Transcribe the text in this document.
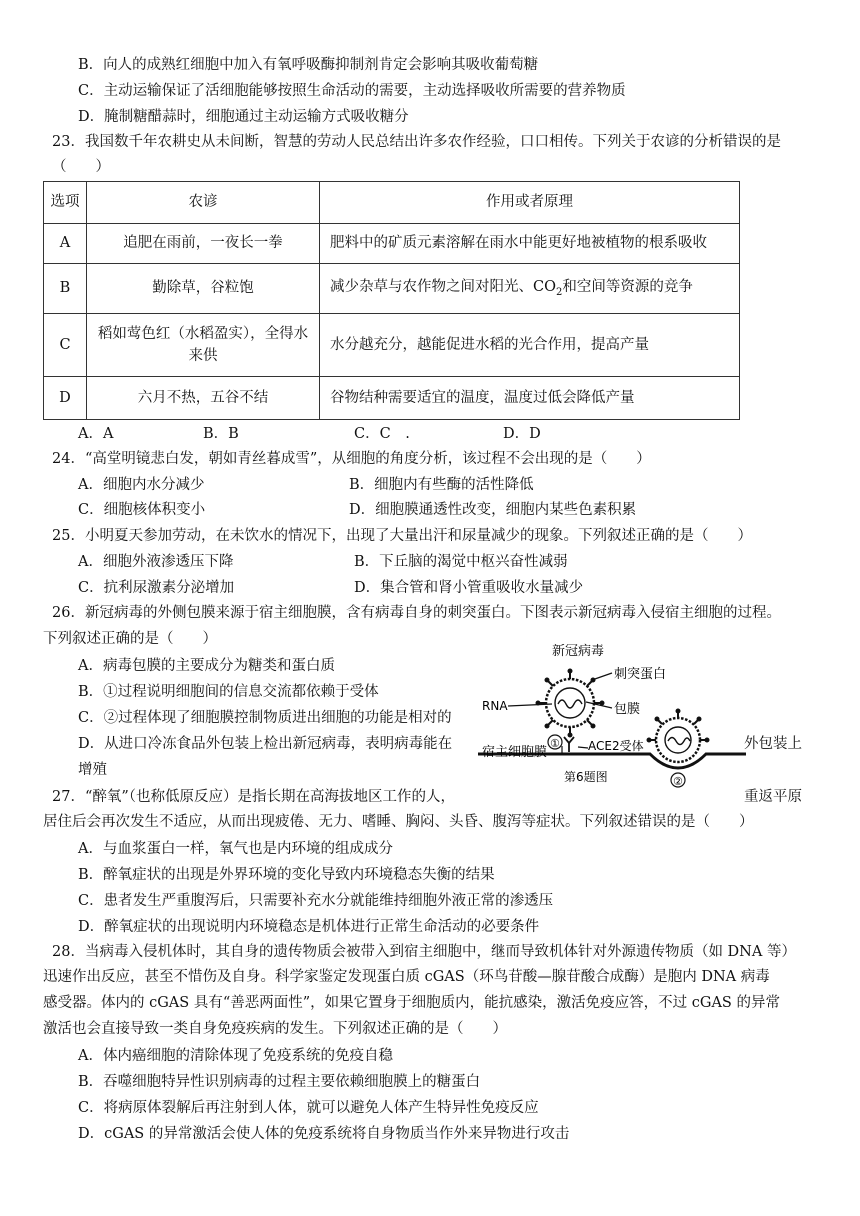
B．向人的成熟红细胞中加入有氧呼吸酶抑制剂肯定会影响其吸收葡萄糖
C．主动运输保证了活细胞能够按照生命活动的需要，主动选择吸收所需要的营养物质
D．腌制糖醋蒜时，细胞通过主动运输方式吸收糖分
23．我国数千年农耕史从未间断，智慧的劳动人民总结出许多农作经验，口口相传。下列关于农谚的分析错误的是
（　　）
选项	农谚	作用或者原理
A	追肥在雨前，一夜长一拳	肥料中的矿质元素溶解在雨水中能更好地被植物的根系吸收
B	勤除草，谷粒饱	减少杂草与农作物之间对阳光、$CO_2$和空间等资源的竞争
C	稻如莺色红（水稻盈实），全得水来供	水分越充分，越能促进水稻的光合作用，提高产量
D	六月不热，五谷不结	谷物结种需要适宜的温度，温度过低会降低产量
A．A	B．B	C．C　.	D．D
24．“高堂明镜悲白发，朝如青丝暮成雪”，从细胞的角度分析，该过程不会出现的是（　　）
A．细胞内水分减少	B．细胞内有些酶的活性降低
C．细胞核体积变小	D．细胞膜通透性改变，细胞内某些色素积累
25．小明夏天参加劳动，在未饮水的情况下，出现了大量出汗和尿量减少的现象。下列叙述正确的是（　　）
A．细胞外液渗透压下降	B．下丘脑的渴觉中枢兴奋性减弱
C．抗利尿激素分泌增加	D．集合管和肾小管重吸收水量减少
26．新冠病毒的外侧包膜来源于宿主细胞膜，含有病毒自身的刺突蛋白。下图表示新冠病毒入侵宿主细胞的过程。
下列叙述正确的是（　　）
A．病毒包膜的主要成分为糖类和蛋白质
B．①过程说明细胞间的信息交流都依赖于受体
C．②过程体现了细胞膜控制物质进出细胞的功能是相对的
D．从进口冷冻食品外包装上检出新冠病毒，表明病毒能在	外包装上
增殖
新冠病毒
刺突蛋白
RNA	包膜
宿主细胞膜	ACE2受体
①
②
第6题图
27．“醉氧”（也称低原反应）是指长期在高海拔地区工作的人，	重返平原
居住后会再次发生不适应，从而出现疲倦、无力、嗜睡、胸闷、头昏、腹泻等症状。下列叙述错误的是（　　）
A．与血浆蛋白一样，氧气也是内环境的组成成分
B．醉氧症状的出现是外界环境的变化导致内环境稳态失衡的结果
C．患者发生严重腹泻后，只需要补充水分就能维持细胞外液正常的渗透压
D．醉氧症状的出现说明内环境稳态是机体进行正常生命活动的必要条件
28．当病毒入侵机体时，其自身的遗传物质会被带入到宿主细胞中，继而导致机体针对外源遗传物质（如 DNA 等）
迅速作出反应，甚至不惜伤及自身。科学家鉴定发现蛋白质 cGAS（环鸟苷酸—腺苷酸合成酶）是胞内 DNA 病毒
感受器。体内的 cGAS 具有“善恶两面性”，如果它置身于细胞质内，能抗感染，激活免疫应答，不过 cGAS 的异常
激活也会直接导致一类自身免疫疾病的发生。下列叙述正确的是（　　）
A．体内癌细胞的清除体现了免疫系统的免疫自稳
B．吞噬细胞特异性识别病毒的过程主要依赖细胞膜上的糖蛋白
C．将病原体裂解后再注射到人体，就可以避免人体产生特异性免疫反应
D．cGAS 的异常激活会使人体的免疫系统将自身物质当作外来异物进行攻击
